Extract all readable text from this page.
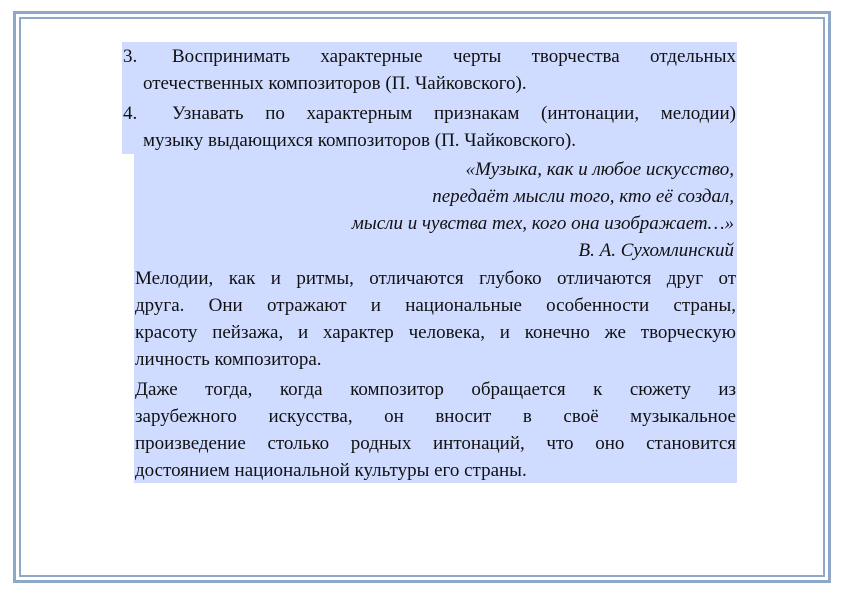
3.	Воспринимать характерные черты творчества отдельных
отечественных композиторов (П. Чайковского).
4.	Узнавать по характерным признакам (интонации, мелодии)
музыку выдающихся композиторов (П. Чайковского).
«Музыка, как и любое искусство,
передаёт мысли того, кто её создал,
мысли и чувства тех, кого она изображает…»
В. А. Сухомлинский
Мелодии, как и ритмы, отличаются глубоко отличаются друг от
друга. Они отражают и национальные особенности страны,
красоту пейзажа, и характер человека, и конечно же творческую
личность композитора.
Даже тогда, когда композитор обращается к сюжету из
зарубежного искусства, он вносит в своё музыкальное
произведение столько родных интонаций, что оно становится
достоянием национальной культуры его страны.
